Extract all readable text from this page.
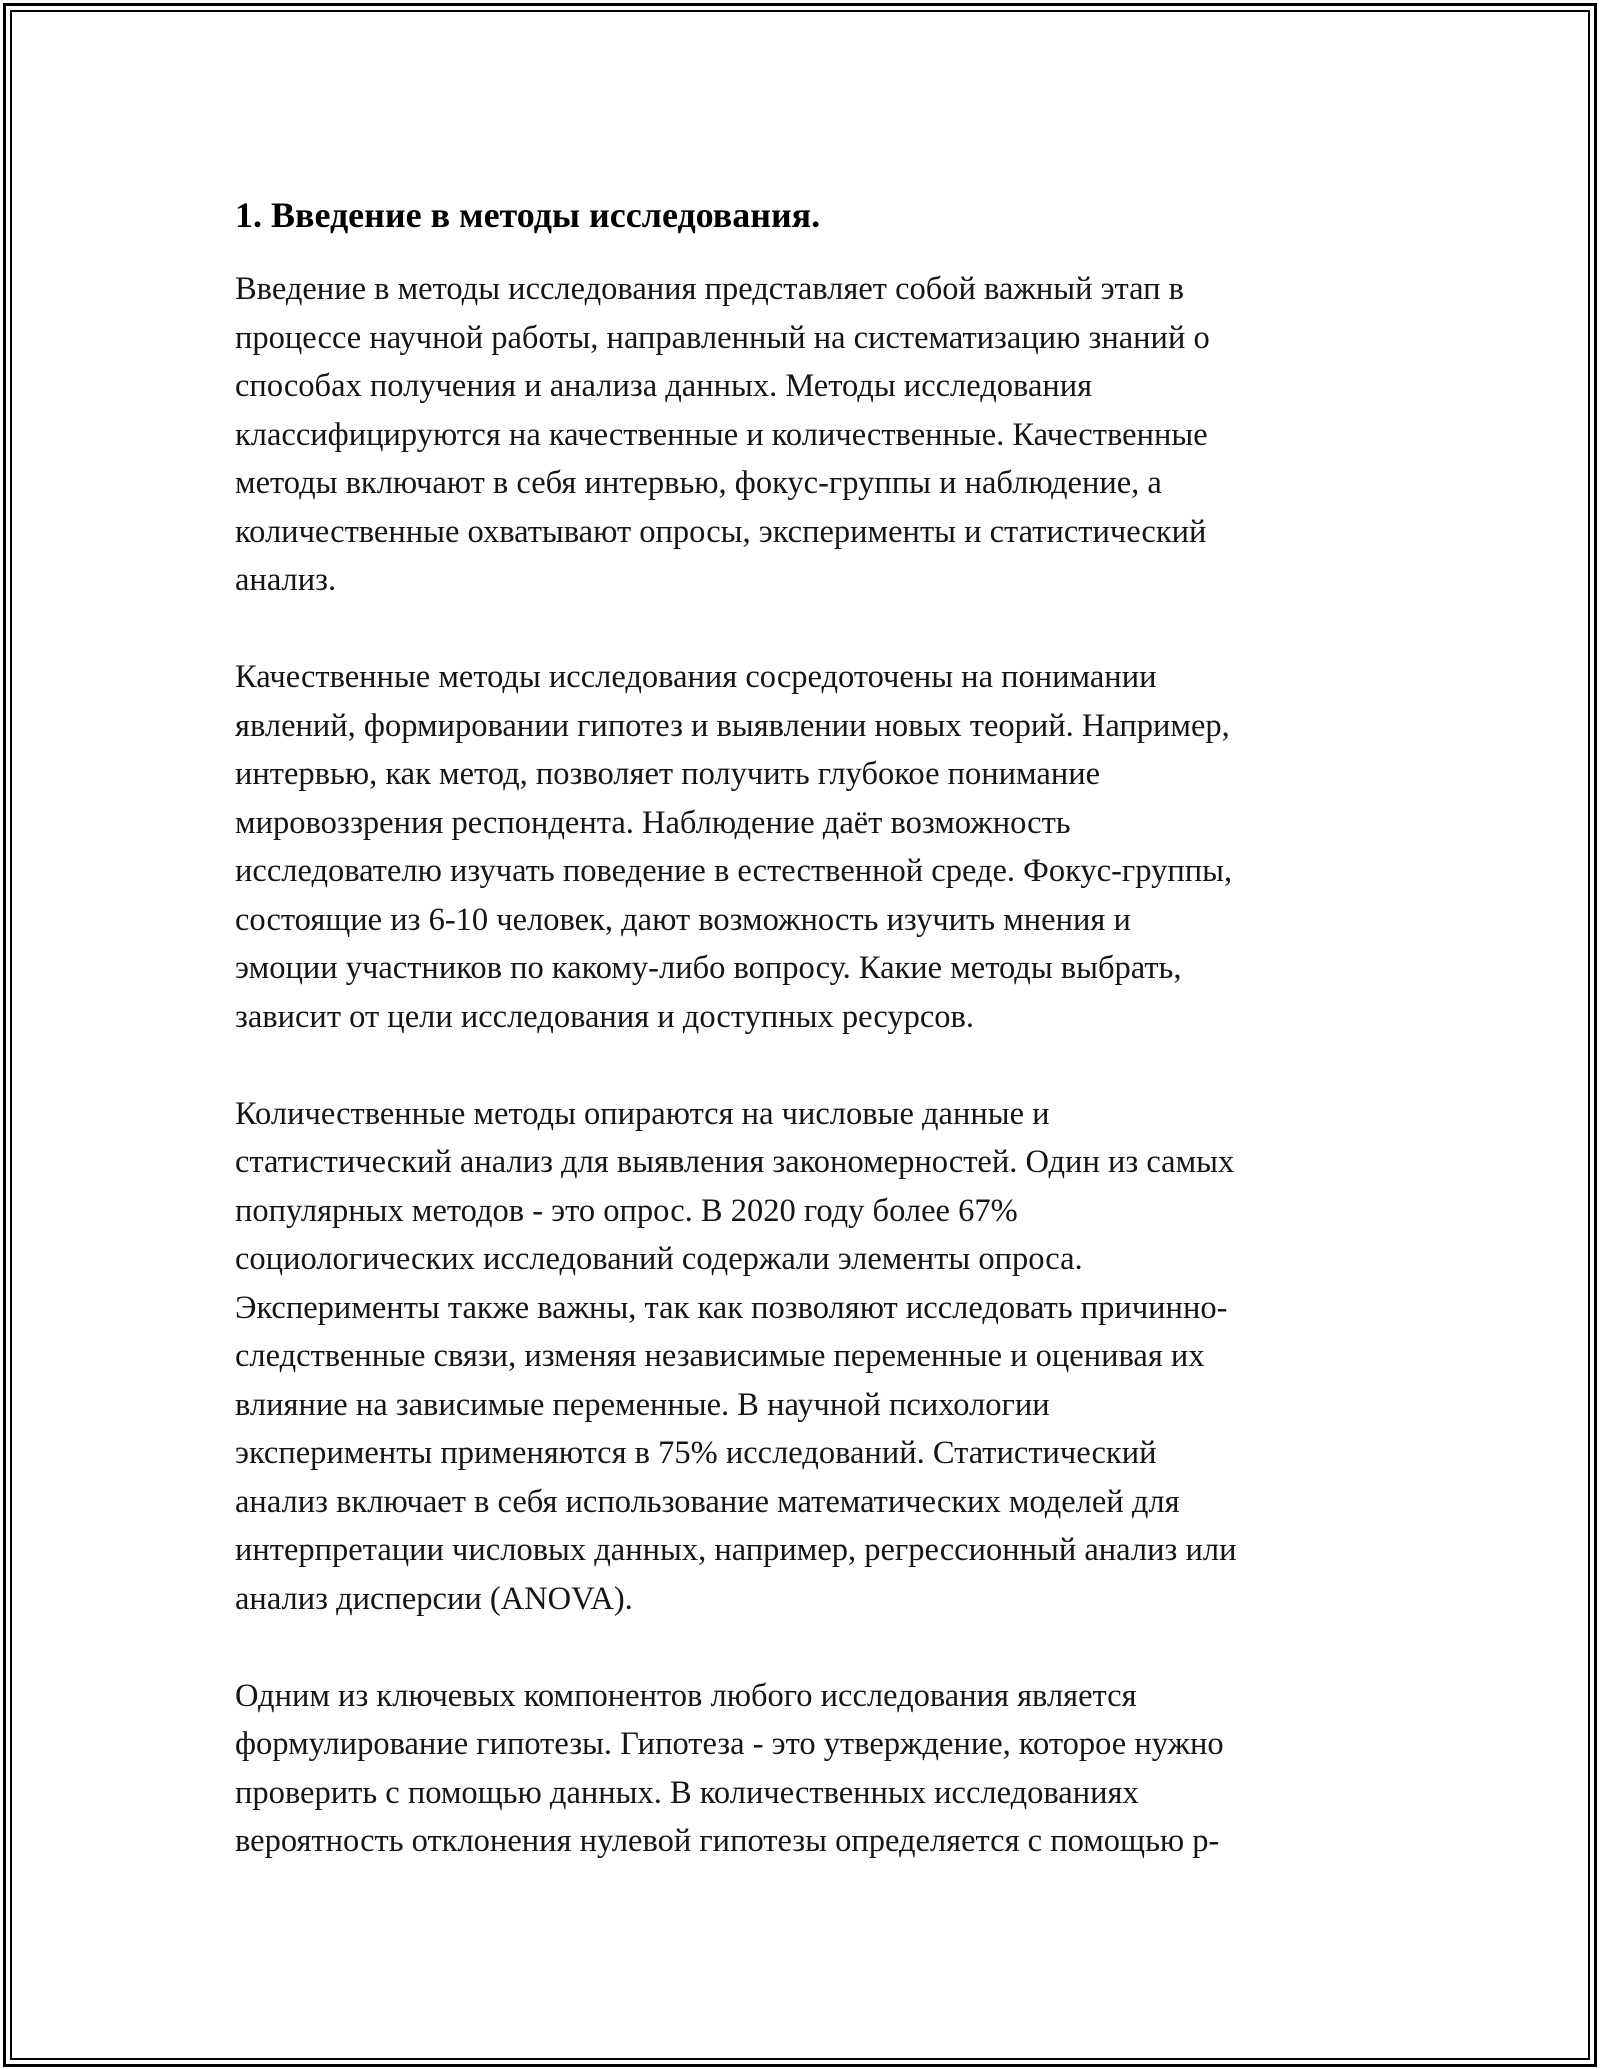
1. Введение в методы исследования.

Введение в методы исследования представляет собой важный этап в
процессе научной работы, направленный на систематизацию знаний о
способах получения и анализа данных. Методы исследования
классифицируются на качественные и количественные. Качественные
методы включают в себя интервью, фокус-группы и наблюдение, а
количественные охватывают опросы, эксперименты и статистический
анализ.

Качественные методы исследования сосредоточены на понимании
явлений, формировании гипотез и выявлении новых теорий. Например,
интервью, как метод, позволяет получить глубокое понимание
мировоззрения респондента. Наблюдение даёт возможность
исследователю изучать поведение в естественной среде. Фокус-группы,
состоящие из 6-10 человек, дают возможность изучить мнения и
эмоции участников по какому-либо вопросу. Какие методы выбрать,
зависит от цели исследования и доступных ресурсов.

Количественные методы опираются на числовые данные и
статистический анализ для выявления закономерностей. Один из самых
популярных методов - это опрос. В 2020 году более 67%
социологических исследований содержали элементы опроса.
Эксперименты также важны, так как позволяют исследовать причинно-
следственные связи, изменяя независимые переменные и оценивая их
влияние на зависимые переменные. В научной психологии
эксперименты применяются в 75% исследований. Статистический
анализ включает в себя использование математических моделей для
интерпретации числовых данных, например, регрессионный анализ или
анализ дисперсии (ANOVA).

Одним из ключевых компонентов любого исследования является
формулирование гипотезы. Гипотеза - это утверждение, которое нужно
проверить с помощью данных. В количественных исследованиях
вероятность отклонения нулевой гипотезы определяется с помощью p-
